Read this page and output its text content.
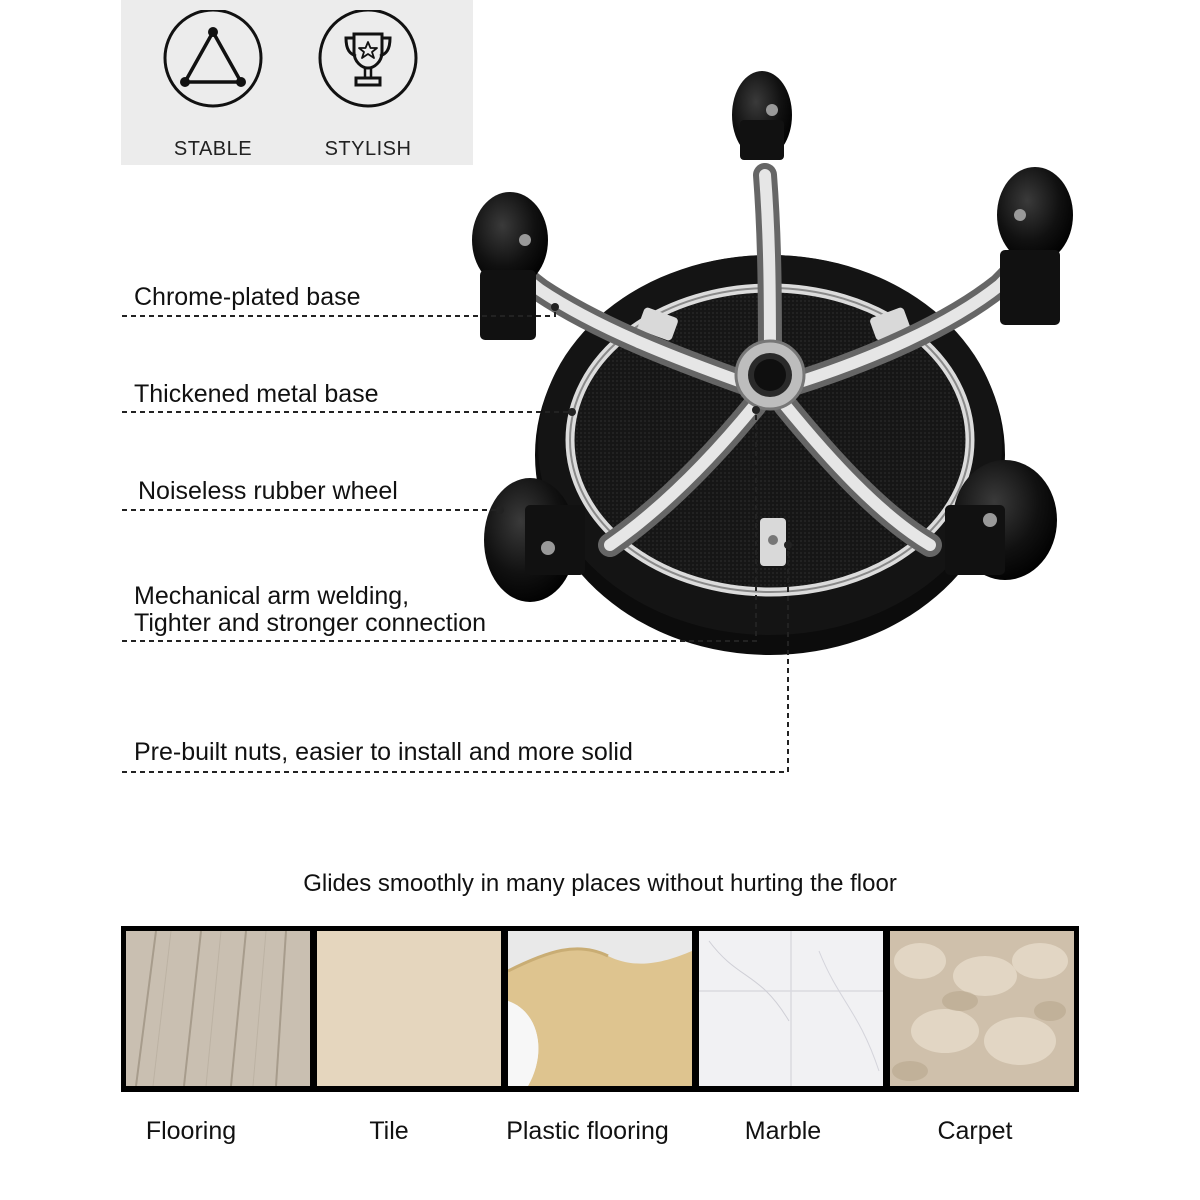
STABLE	STYLISH
Chrome-plated base
Thickened metal base
Noiseless rubber wheel
Mechanical arm welding,
Tighter and stronger connection
Pre-built nuts, easier to install and more solid
Glides smoothly in many places without hurting the floor
Flooring	Tile	Plastic flooring	Marble	Carpet
